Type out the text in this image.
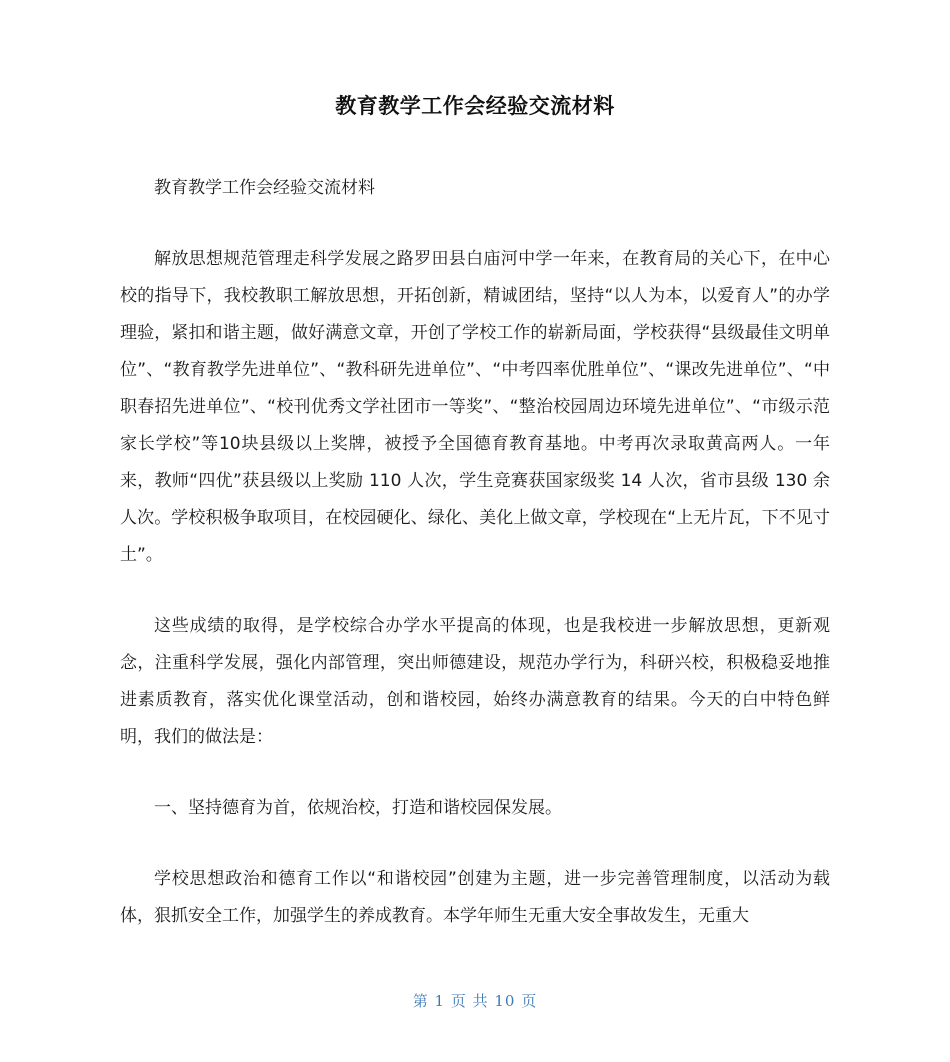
教育教学工作会经验交流材料

教育教学工作会经验交流材料

解放思想规范管理走科学发展之路罗田县白庙河中学一年来，在教育局的关心下，在中心校的指导下，我校教职工解放思想，开拓创新，精诚团结，坚持“以人为本，以爱育人”的办学理验，紧扣和谐主题，做好满意文章，开创了学校工作的崭新局面，学校获得“县级最佳文明单位”、“教育教学先进单位”、“教科研先进单位”、“中考四率优胜单位”、“课改先进单位”、“中职春招先进单位”、“校刊优秀文学社团市一等奖”、“整治校园周边环境先进单位”、“市级示范家长学校”等10块县级以上奖牌，被授予全国德育教育基地。中考再次录取黄高两人。一年来，教师“四优”获县级以上奖励 110 人次，学生竞赛获国家级奖 14 人次，省市县级 130 余人次。学校积极争取项目，在校园硬化、绿化、美化上做文章，学校现在“上无片瓦，下不见寸土”。

这些成绩的取得，是学校综合办学水平提高的体现，也是我校进一步解放思想，更新观念，注重科学发展，强化内部管理，突出师德建设，规范办学行为，科研兴校，积极稳妥地推进素质教育，落实优化课堂活动，创和谐校园，始终办满意教育的结果。今天的白中特色鲜明，我们的做法是：

一、坚持德育为首，依规治校，打造和谐校园保发展。

学校思想政治和德育工作以“和谐校园”创建为主题，进一步完善管理制度，以活动为载体，狠抓安全工作，加强学生的养成教育。本学年师生无重大安全事故发生，无重大

第 1 页 共 10 页
